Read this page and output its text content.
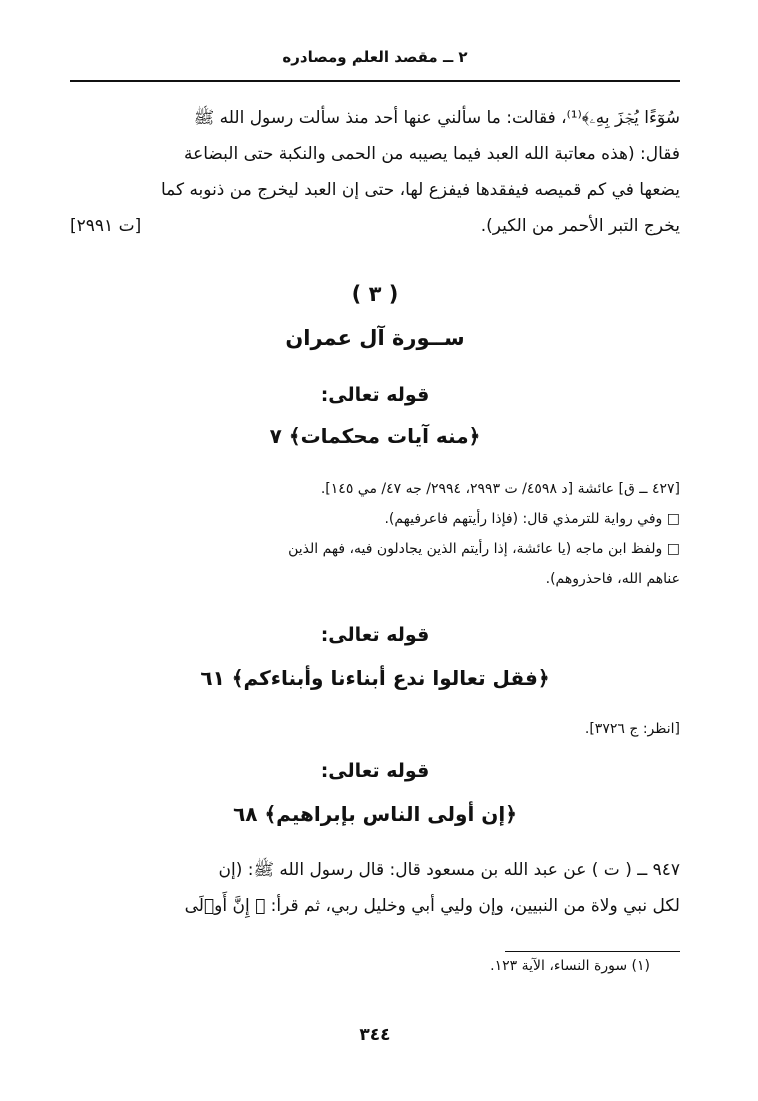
٢ ــ مقصد العلم ومصادره
سُوٓءًا يُجۡزَ بِهِۦ﴾⁽¹⁾، فقالت: ما سألني عنها أحد منذ سألت رسول الله ﷺ
فقال: (هذه معاتبة الله العبد فيما يصيبه من الحمى والنكبة حتى البضاعة
يضعها في كم قميصه فيفقدها فيفزع لها، حتى إن العبد ليخرج من ذنوبه كما
يخرج التبر الأحمر من الكير).
[ت ٢٩٩١]
( ٣ )
ســورة آل عمران
قوله تعالى:
﴿منه آيات محكمات﴾ ٧
[٤٢٧ ــ ق] عائشة [د ٤٥٩٨/ ت ٢٩٩٣، ٢٩٩٤/ جه ٤٧/ مي ١٤٥].
□ وفي رواية للترمذي قال: (فإذا رأيتهم فاعرفيهم).
□ ولفظ ابن ماجه (يا عائشة، إذا رأيتم الذين يجادلون فيه، فهم الذين
عناهم الله، فاحذروهم).
قوله تعالى:
﴿فقل تعالوا ندع أبناءنا وأبناءكم﴾ ٦١
[انظر: ج ٣٧٢٦].
قوله تعالى:
﴿إن أولى الناس بإبراهيم﴾ ٦٨
٩٤٧ ــ ( ت ) عن عبد الله بن مسعود قال: قال رسول الله ﷺ: (إن
لكل نبي ولاة من النبيين، وإن وليي أبي وخليل ربي، ثم قرأ: ﴿ إِنَّ أَوۡلَى
(١) سورة النساء، الآية ١٢٣.
٣٤٤
